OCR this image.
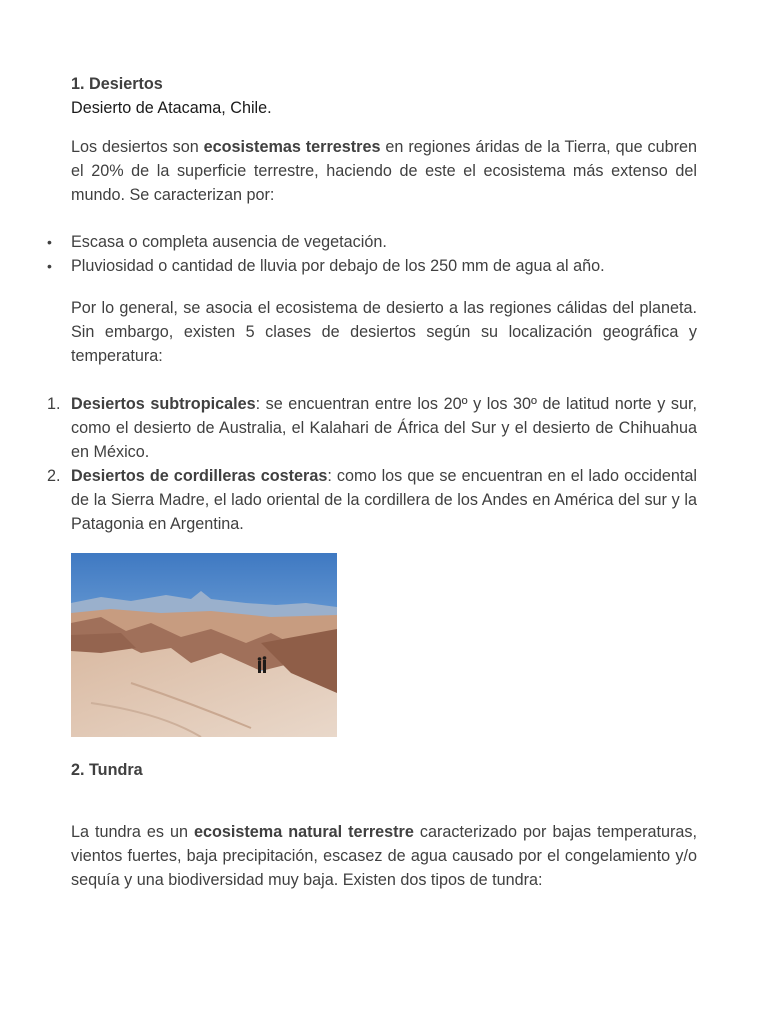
1. Desiertos

Desierto de Atacama, Chile.

Los desiertos son ecosistemas terrestres en regiones áridas de la Tierra, que cubren el 20% de la superficie terrestre, haciendo de este el ecosistema más extenso del mundo. Se caracterizan por:

• Escasa o completa ausencia de vegetación.
• Pluviosidad o cantidad de lluvia por debajo de los 250 mm de agua al año.

Por lo general, se asocia el ecosistema de desierto a las regiones cálidas del planeta. Sin embargo, existen 5 clases de desiertos según su localización geográfica y temperatura:

1. Desiertos subtropicales: se encuentran entre los 20º y los 30º de latitud norte y sur, como el desierto de Australia, el Kalahari de África del Sur y el desierto de Chihuahua en México.
2. Desiertos de cordilleras costeras: como los que se encuentran en el lado occidental de la Sierra Madre, el lado oriental de la cordillera de los Andes en América del sur y la Patagonia en Argentina.

2. Tundra

La tundra es un ecosistema natural terrestre caracterizado por bajas temperaturas, vientos fuertes, baja precipitación, escasez de agua causado por el congelamiento y/o sequía y una biodiversidad muy baja. Existen dos tipos de tundra:
